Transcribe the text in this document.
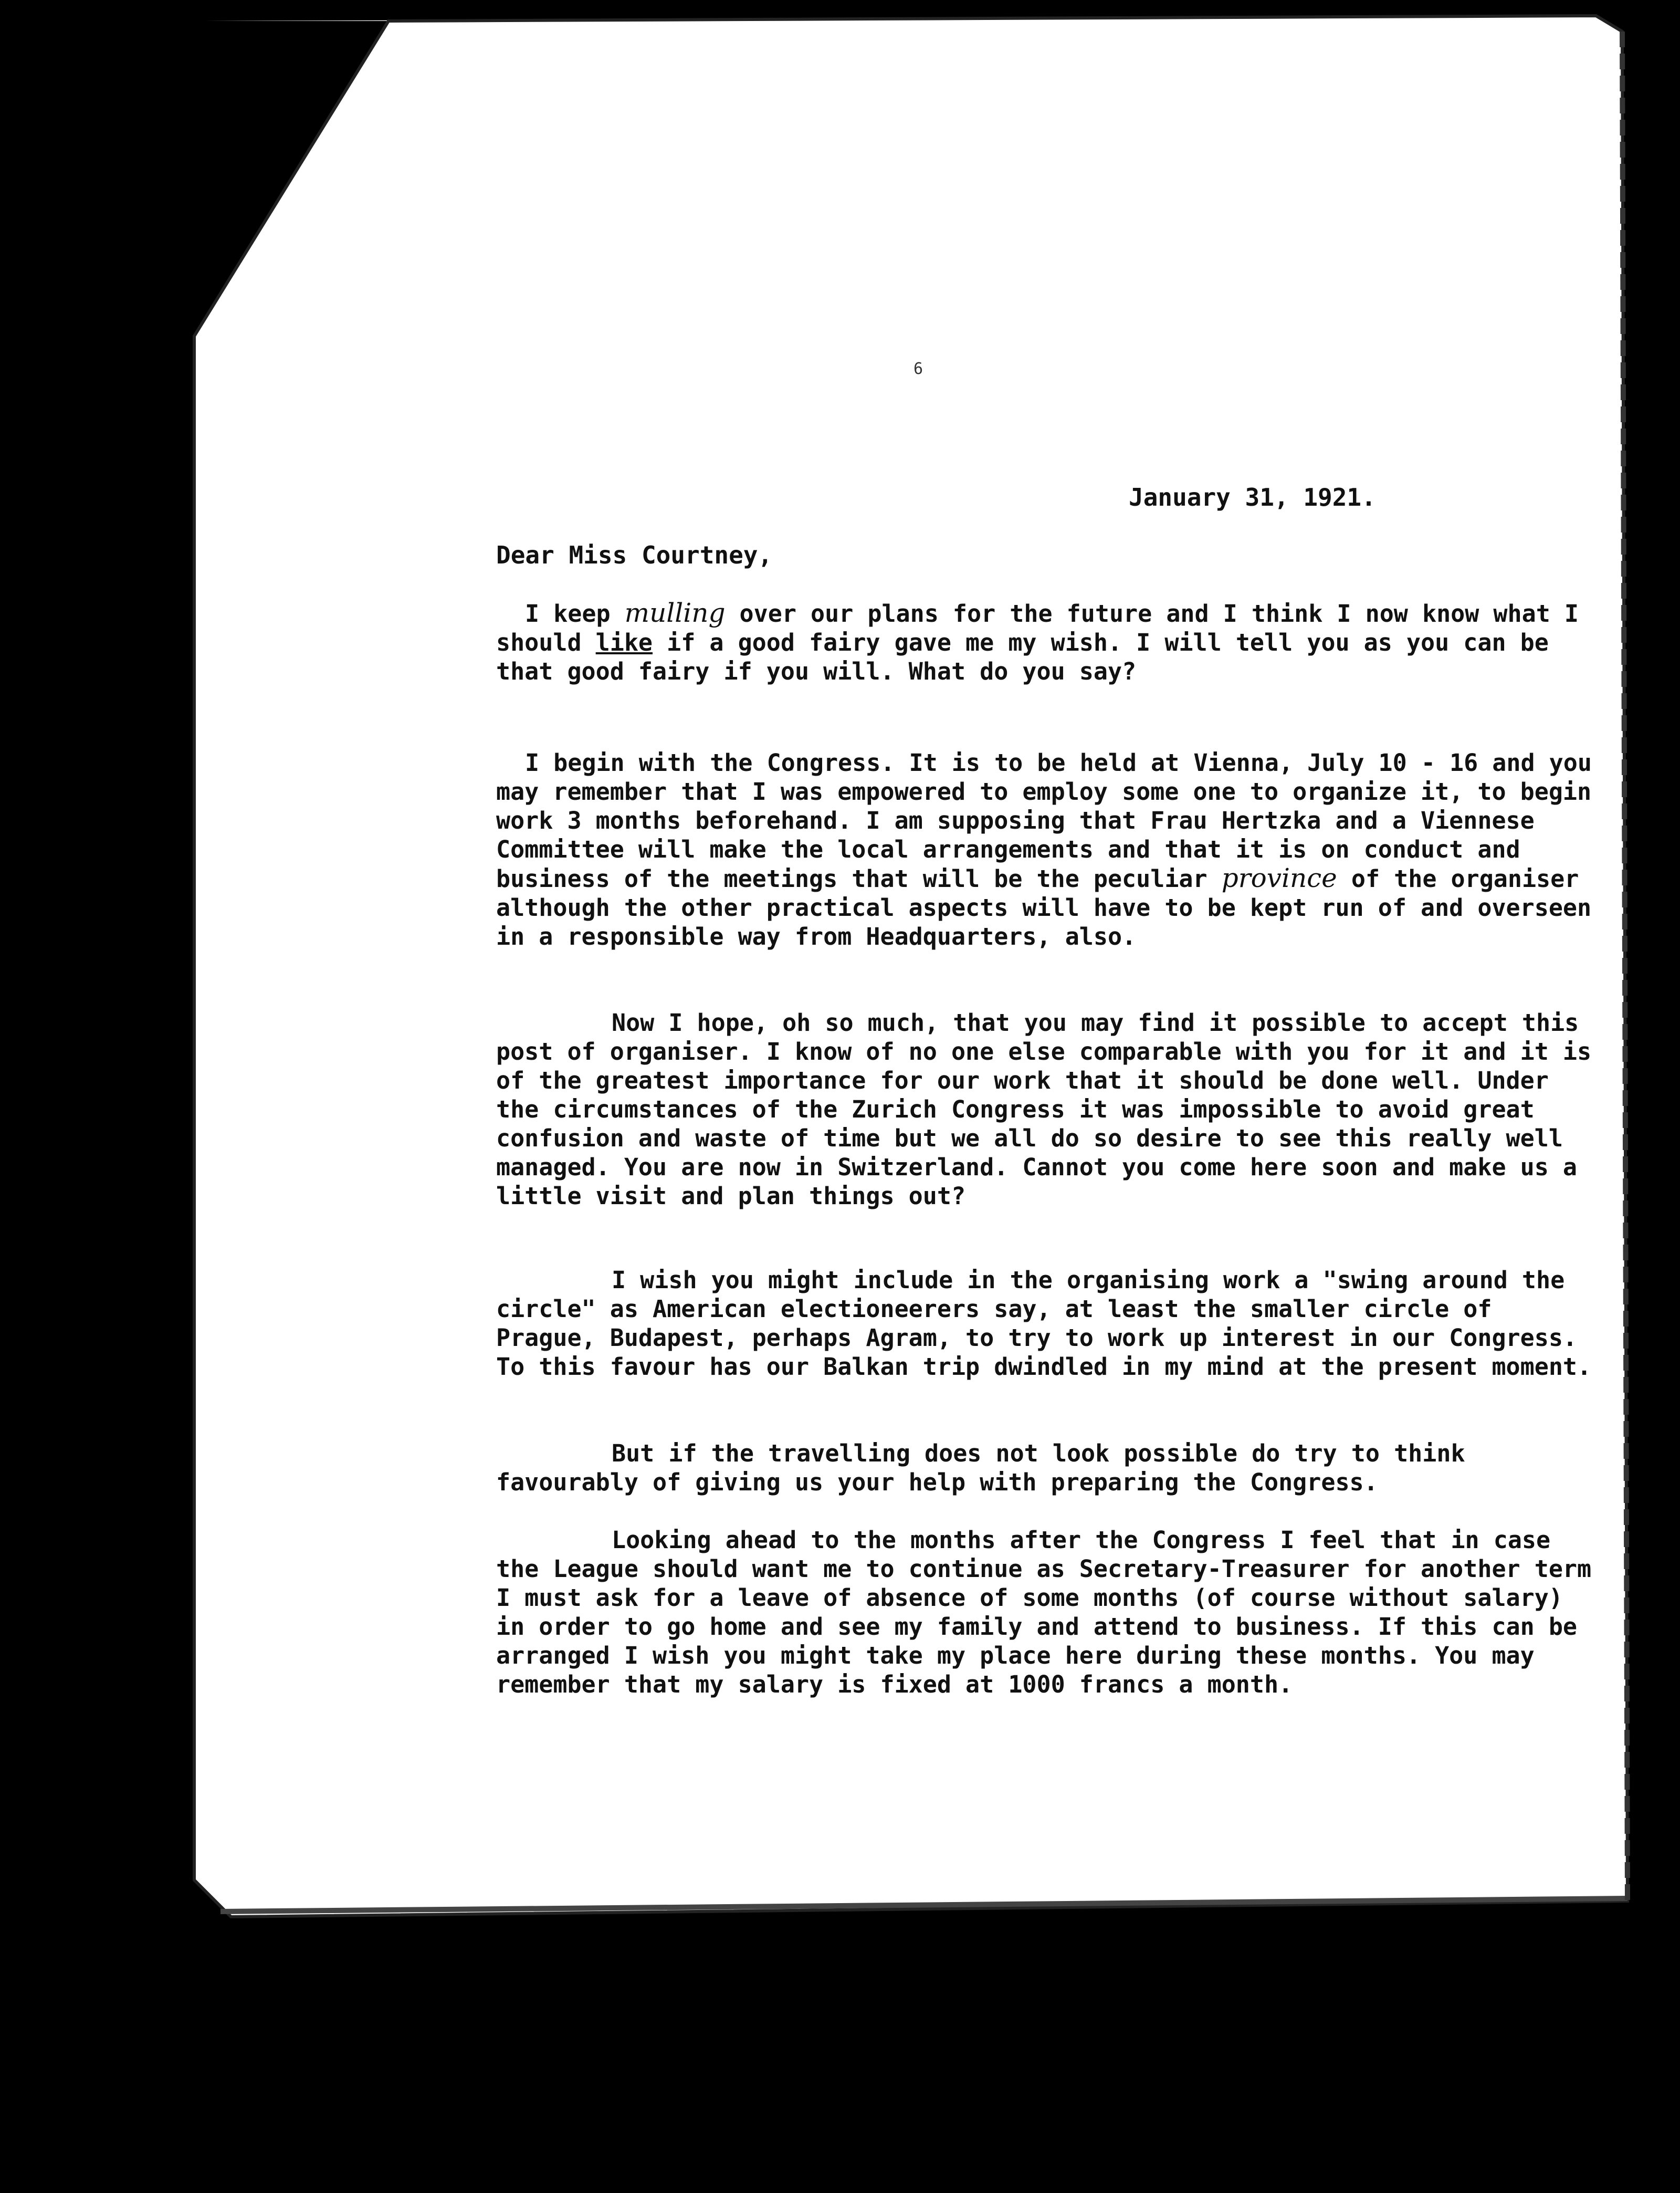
6
January 31, 1921.
Dear Miss Courtney,
I keep mulling over our plans for the future and I think I now know what I should like if a good fairy gave me my wish. I will tell you as you can be that good fairy if you will. What do you say?
I begin with the Congress. It is to be held at Vienna, July 10 - 16 and you may remember that I was empowered to employ some one to organize it, to begin work 3 months beforehand. I am supposing that Frau Hertzka and a Viennese Committee will make the local arrangements and that it is on conduct and business of the meetings that will be the peculiar province of the organiser although the other practical aspects will have to be kept run of and overseen in a responsible way from Headquarters, also.
Now I hope, oh so much, that you may find it possible to accept this post of organiser. I know of no one else comparable with you for it and it is of the greatest importance for our work that it should be done well. Under the circumstances of the Zurich Congress it was impossible to avoid great confusion and waste of time but we all do so desire to see this really well managed. You are now in Switzerland. Cannot you come here soon and make us a little visit and plan things out?
I wish you might include in the organising work a "swing around the circle" as American electioneerers say, at least the smaller circle of Prague, Budapest, perhaps Agram, to try to work up interest in our Congress. To this favour has our Balkan trip dwindled in my mind at the present moment.
But if the travelling does not look possible do try to think favourably of giving us your help with preparing the Congress.
Looking ahead to the months after the Congress I feel that in case the League should want me to continue as Secretary-Treasurer for another term I must ask for a leave of absence of some months (of course without salary) in order to go home and see my family and attend to business. If this can be arranged I wish you might take my place here during these months. You may remember that my salary is fixed at 1000 francs a month.
